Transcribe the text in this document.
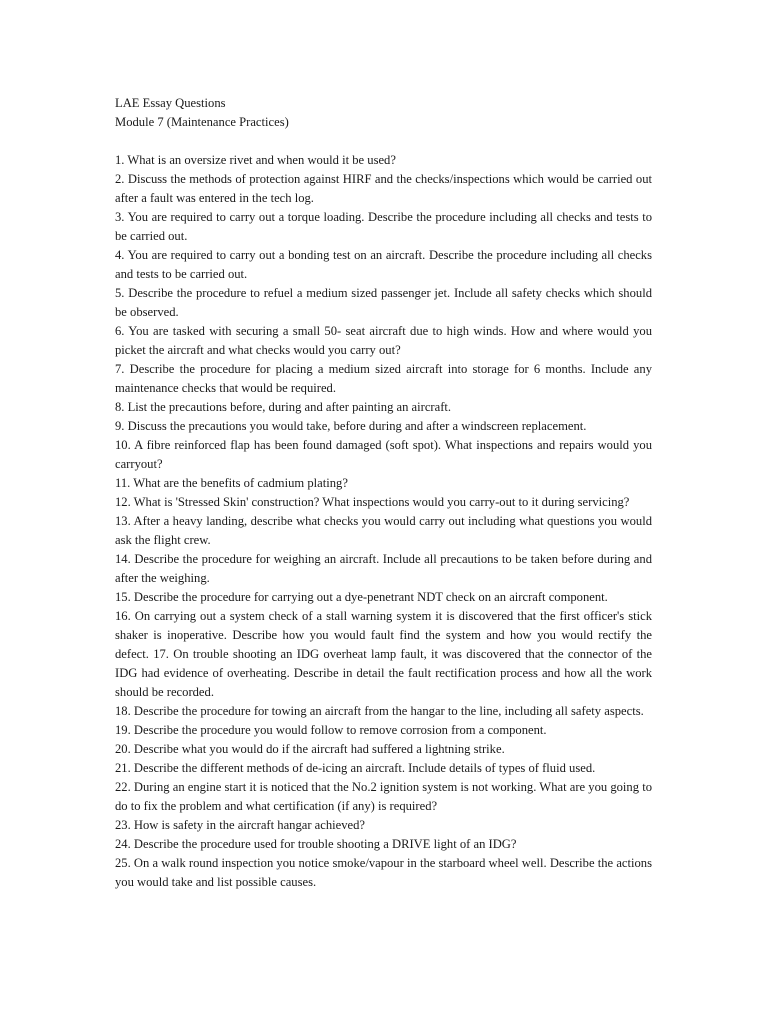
LAE Essay Questions

Module 7 (Maintenance Practices)

1. What is an oversize rivet and when would it be used?

2. Discuss the methods of protection against HIRF and the checks/inspections which would be carried out after a fault was entered in the tech log.

3. You are required to carry out a torque loading. Describe the procedure including all checks and tests to be carried out.

4. You are required to carry out a bonding test on an aircraft. Describe the procedure including all checks and tests to be carried out.

5. Describe the procedure to refuel a medium sized passenger jet. Include all safety checks which should be observed.

6. You are tasked with securing a small 50- seat aircraft due to high winds. How and where would you picket the aircraft and what checks would you carry out?

7. Describe the procedure for placing a medium sized aircraft into storage for 6 months. Include any maintenance checks that would be required.

8. List the precautions before, during and after painting an aircraft.

9. Discuss the precautions you would take, before during and after a windscreen replacement.

10. A fibre reinforced flap has been found damaged (soft spot). What inspections and repairs would you carryout?

11. What are the benefits of cadmium plating?

12. What is 'Stressed Skin' construction? What inspections would you carry-out to it during servicing?

13. After a heavy landing, describe what checks you would carry out including what questions you would ask the flight crew.

14. Describe the procedure for weighing an aircraft. Include all precautions to be taken before during and after the weighing.

15. Describe the procedure for carrying out a dye-penetrant NDT check on an aircraft component.

16. On carrying out a system check of a stall warning system it is discovered that the first officer's stick shaker is inoperative. Describe how you would fault find the system and how you would rectify the defect. 17. On trouble shooting an IDG overheat lamp fault, it was discovered that the connector of the IDG had evidence of overheating. Describe in detail the fault rectification process and how all the work should be recorded.

18. Describe the procedure for towing an aircraft from the hangar to the line, including all safety aspects.

19. Describe the procedure you would follow to remove corrosion from a component.

20. Describe what you would do if the aircraft had suffered a lightning strike.

21. Describe the different methods of de-icing an aircraft. Include details of types of fluid used.

22. During an engine start it is noticed that the No.2 ignition system is not working. What are you going to do to fix the problem and what certification (if any) is required?

23. How is safety in the aircraft hangar achieved?

24. Describe the procedure used for trouble shooting a DRIVE light of an IDG?

25. On a walk round inspection you notice smoke/vapour in the starboard wheel well. Describe the actions you would take and list possible causes.
